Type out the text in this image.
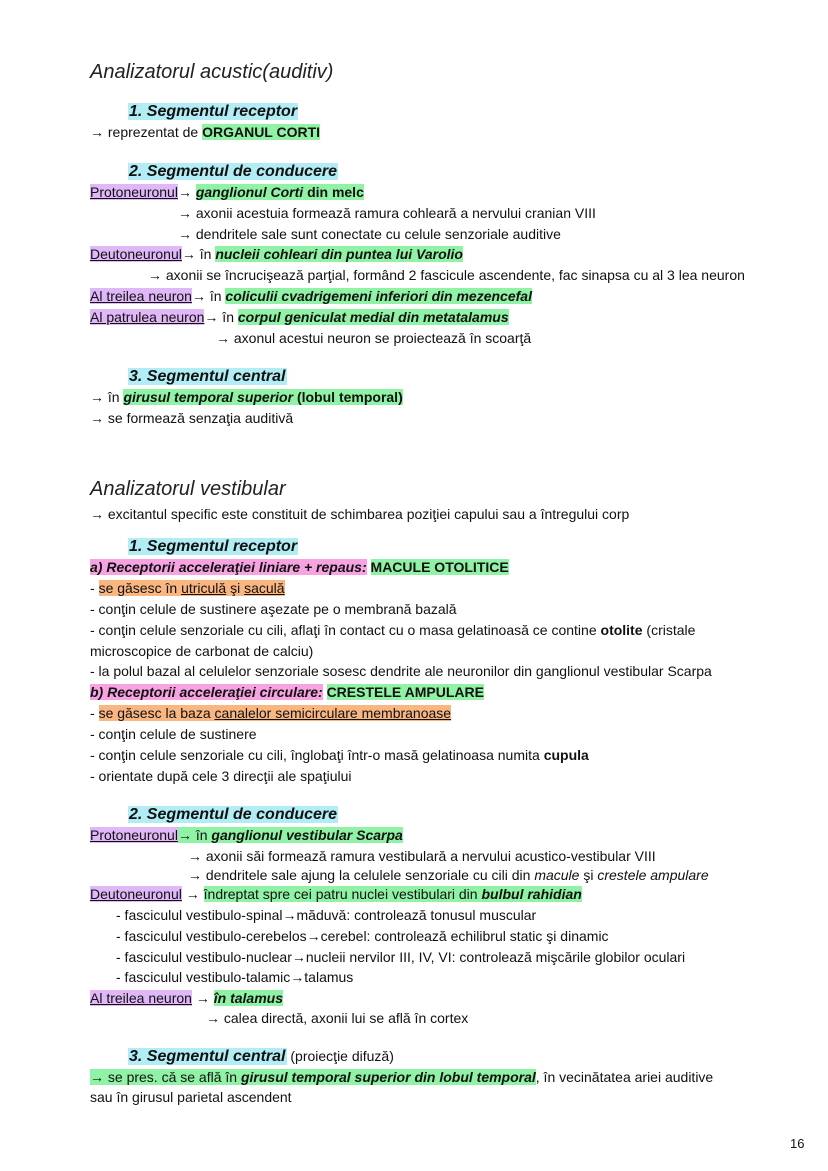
Analizatorul acustic(auditiv)
1. Segmentul receptor
→ reprezentat de ORGANUL CORTI
2. Segmentul de conducere
Protoneuronul→ ganglionul Corti din melc
→ axonii acestuia formează ramura cohleară a nervului cranian VIII
→ dendritele sale sunt conectate cu celule senzoriale auditive
Deutoneuronul→ în nucleii cohleari din puntea lui Varolio
→ axonii se încrucişează parţial, formând 2 fascicule ascendente, fac sinapsa cu al 3 lea neuron
Al treilea neuron→ în coliculii cvadrigemeni inferiori din mezencefal
Al patrulea neuron→ în corpul geniculat medial din metatalamus
→ axonul acestui neuron se proiectează în scoarţă
3. Segmentul central
→ în girusul temporal superior (lobul temporal)
→ se formează senzaţia auditivă
Analizatorul vestibular
→ excitantul specific este constituit de schimbarea poziţiei capului sau a întregului corp
1. Segmentul receptor
a) Receptorii acceleraţiei liniare + repaus: MACULE OTOLITICE
- se găsesc în utriculă şi saculă
- conţin celule de sustinere aşezate pe o membrană bazală
- conţin celule senzoriale cu cili, aflaţi în contact cu o masa gelatinoasă ce contine otolite (cristale
microscopice de carbonat de calciu)
- la polul bazal al celulelor senzoriale sosesc dendrite ale neuronilor din ganglionul vestibular Scarpa
b) Receptorii acceleraţiei circulare: CRESTELE AMPULARE
- se găsesc la baza canalelor semicirculare membranoase
- conţin celule de sustinere
- conţin celule senzoriale cu cili, înglobaţi într-o masă gelatinoasa numita cupula
- orientate după cele 3 direcţii ale spaţiului
2. Segmentul de conducere
Protoneuronul→ în ganglionul vestibular Scarpa
→ axonii săi formează ramura vestibulară a nervului acustico-vestibular VIII
→ dendritele sale ajung la celulele senzoriale cu cili din macule şi crestele ampulare
Deutoneuronul → îndreptat spre cei patru nuclei vestibulari din bulbul rahidian
- fasciculul vestibulo-spinal→măduvă: controlează tonusul muscular
- fasciculul vestibulo-cerebelos→cerebel: controlează echilibrul static şi dinamic
- fasciculul vestibulo-nuclear→nucleii nervilor III, IV, VI: controlează mişcările globilor oculari
- fasciculul vestibulo-talamic→talamus
Al treilea neuron → în talamus
→ calea directă, axonii lui se află în cortex
3. Segmentul central (proiecţie difuză)
→ se pres. că se află în girusul temporal superior din lobul temporal, în vecinătatea ariei auditive
sau în girusul parietal ascendent
16
